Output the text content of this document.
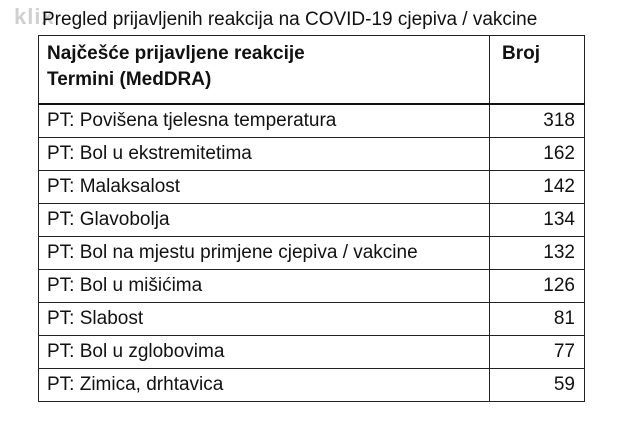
klix
Pregled prijavljenih reakcija na COVID-19 cjepiva / vakcine
Najčešće prijavljene reakcije
Termini (MedDRA)	Broj
PT: Povišena tjelesna temperatura	318
PT: Bol u ekstremitetima	162
PT: Malaksalost	142
PT: Glavobolja	134
PT: Bol na mjestu primjene cjepiva / vakcine	132
PT: Bol u mišićima	126
PT: Slabost	81
PT: Bol u zglobovima	77
PT: Zimica, drhtavica	59
